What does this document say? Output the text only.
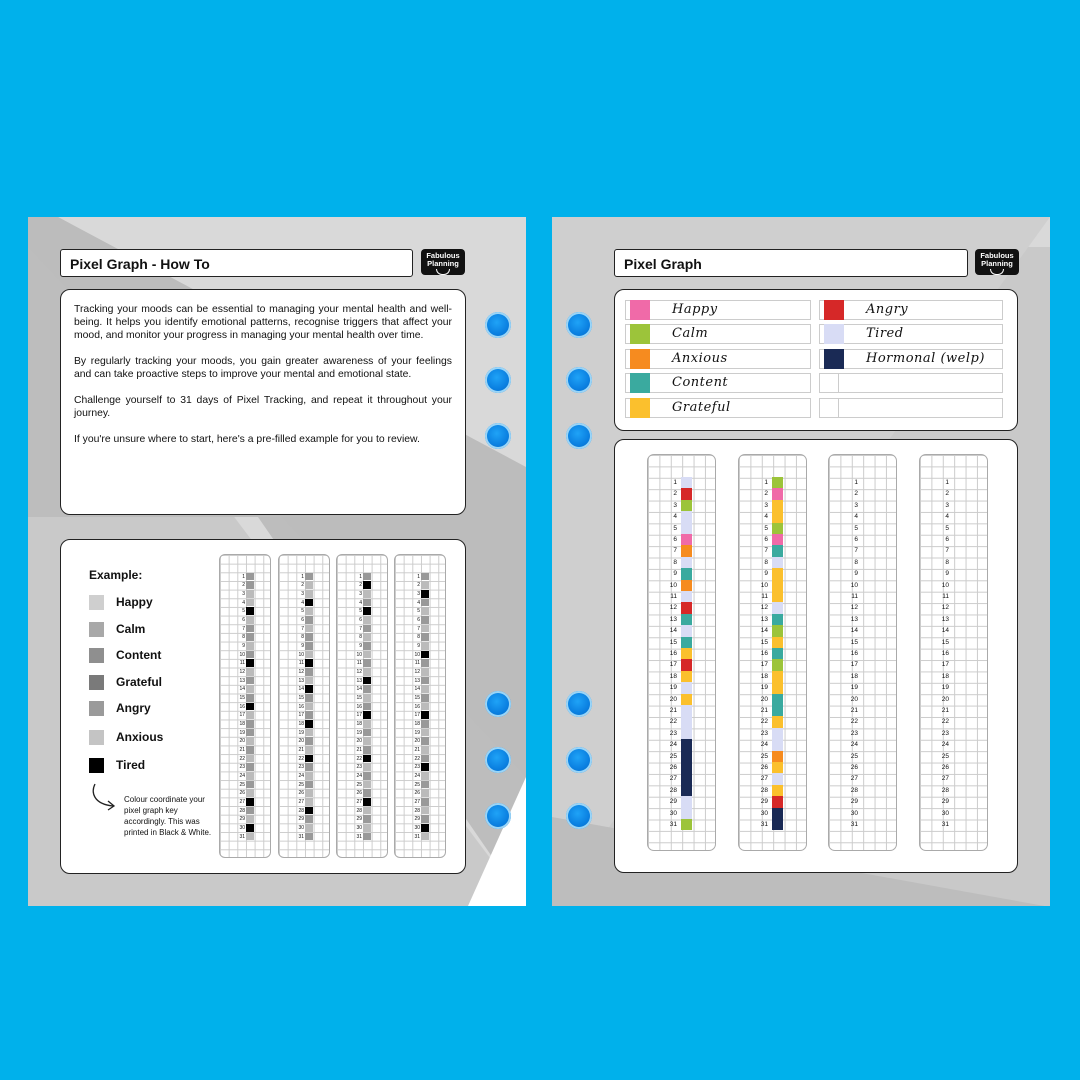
Pixel Graph - How To
Fabulous Planning

Tracking your moods can be essential to managing your mental health and well-being. It helps you identify emotional patterns, recognise triggers that affect your mood, and monitor your progress in managing your mental health over time.

By regularly tracking your moods, you gain greater awareness of your feelings and can take proactive steps to improve your mental and emotional state.

Challenge yourself to 31 days of Pixel Tracking, and repeat it throughout your journey.

If you're unsure where to start, here's a pre-filled example for you to review.

Example:
Happy
Calm
Content
Grateful
Angry
Anxious
Tired
Colour coordinate your pixel graph key accordingly. This was printed in Black & White.
1
2
3
4
5
6
7
8
9
10
11
12
13
14
15
16
17
18
19
20
21
22
23
24
25
26
27
28
29
30
31
1
2
3
4
5
6
7
8
9
10
11
12
13
14
15
16
17
18
19
20
21
22
23
24
25
26
27
28
29
30
31
1
2
3
4
5
6
7
8
9
10
11
12
13
14
15
16
17
18
19
20
21
22
23
24
25
26
27
28
29
30
31
1
2
3
4
5
6
7
8
9
10
11
12
13
14
15
16
17
18
19
20
21
22
23
24
25
26
27
28
29
30
31
Pixel Graph
Fabulous Planning
Happy
Calm
Anxious
Content
Grateful
Angry
Tired
Hormonal (welp)
1
2
3
4
5
6
7
8
9
10
11
12
13
14
15
16
17
18
19
20
21
22
23
24
25
26
27
28
29
30
31
1
2
3
4
5
6
7
8
9
10
11
12
13
14
15
16
17
18
19
20
21
22
23
24
25
26
27
28
29
30
31
1
2
3
4
5
6
7
8
9
10
11
12
13
14
15
16
17
18
19
20
21
22
23
24
25
26
27
28
29
30
31
1
2
3
4
5
6
7
8
9
10
11
12
13
14
15
16
17
18
19
20
21
22
23
24
25
26
27
28
29
30
31
